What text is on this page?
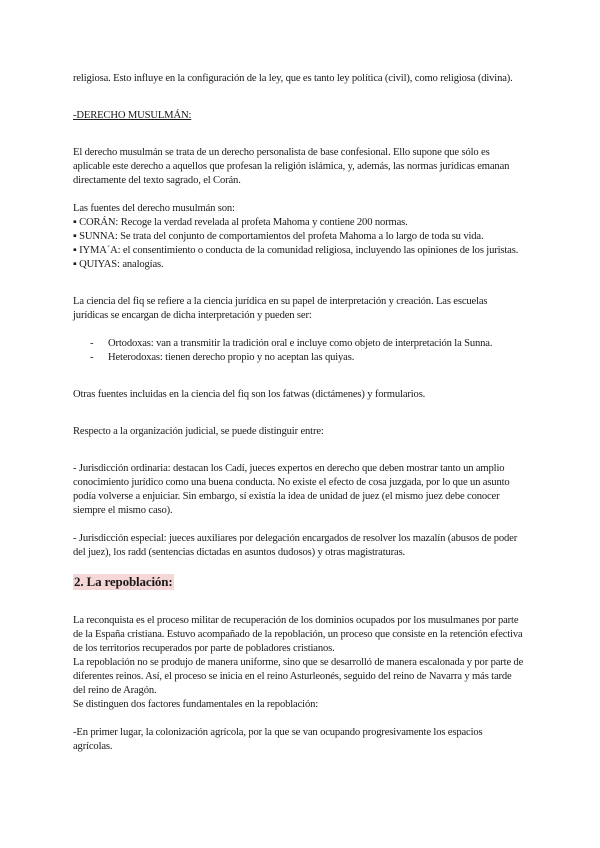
religiosa. Esto influye en la configuración de la ley, que es tanto ley política (civil), como religiosa (divina).

-DERECHO MUSULMÁN:

El derecho musulmán se trata de un derecho personalista de base confesional. Ello supone que sólo es aplicable este derecho a aquellos que profesan la religión islámica, y, además, las normas jurídicas emanan directamente del texto sagrado, el Corán.

Las fuentes del derecho musulmán son:

▪ CORÁN: Recoge la verdad revelada al profeta Mahoma y contiene 200 normas.

▪ SUNNA: Se trata del conjunto de comportamientos del profeta Mahoma a lo largo de toda su vida.

▪ IYMA´A: el consentimiento o conducta de la comunidad religiosa, incluyendo las opiniones de los juristas.

▪ QUIYAS: analogías.

La ciencia del fiq se refiere a la ciencia jurídica en su papel de interpretación y creación. Las escuelas jurídicas se encargan de dicha interpretación y pueden ser:

- Ortodoxas: van a transmitir la tradición oral e incluye como objeto de interpretación la Sunna.
- Heterodoxas: tienen derecho propio y no aceptan las quiyas.

Otras fuentes incluidas en la ciencia del fiq son los fatwas (dictámenes) y formularios.

Respecto a la organización judicial, se puede distinguir entre:

- Jurisdicción ordinaria: destacan los Cadí, jueces expertos en derecho que deben mostrar tanto un amplio conocimiento jurídico como una buena conducta. No existe el efecto de cosa juzgada, por lo que un asunto podía volverse a enjuiciar. Sin embargo, sí existía la idea de unidad de juez (el mismo juez debe conocer siempre el mismo caso).

- Jurisdicción especial: jueces auxiliares por delegación encargados de resolver los mazalín (abusos de poder del juez), los radd (sentencias dictadas en asuntos dudosos) y otras magistraturas.

2. La repoblación:

La reconquista es el proceso militar de recuperación de los dominios ocupados por los musulmanes por parte de la España cristiana. Estuvo acompañado de la repoblación, un proceso que consiste en la retención efectiva de los territorios recuperados por parte de pobladores cristianos.

La repoblación no se produjo de manera uniforme, sino que se desarrolló de manera escalonada y por parte de diferentes reinos. Así, el proceso se inicia en el reino Asturleonés, seguido del reino de Navarra y más tarde del reino de Aragón.

Se distinguen dos factores fundamentales en la repoblación:

-En primer lugar, la colonización agrícola, por la que se van ocupando progresivamente los espacios agrícolas.
